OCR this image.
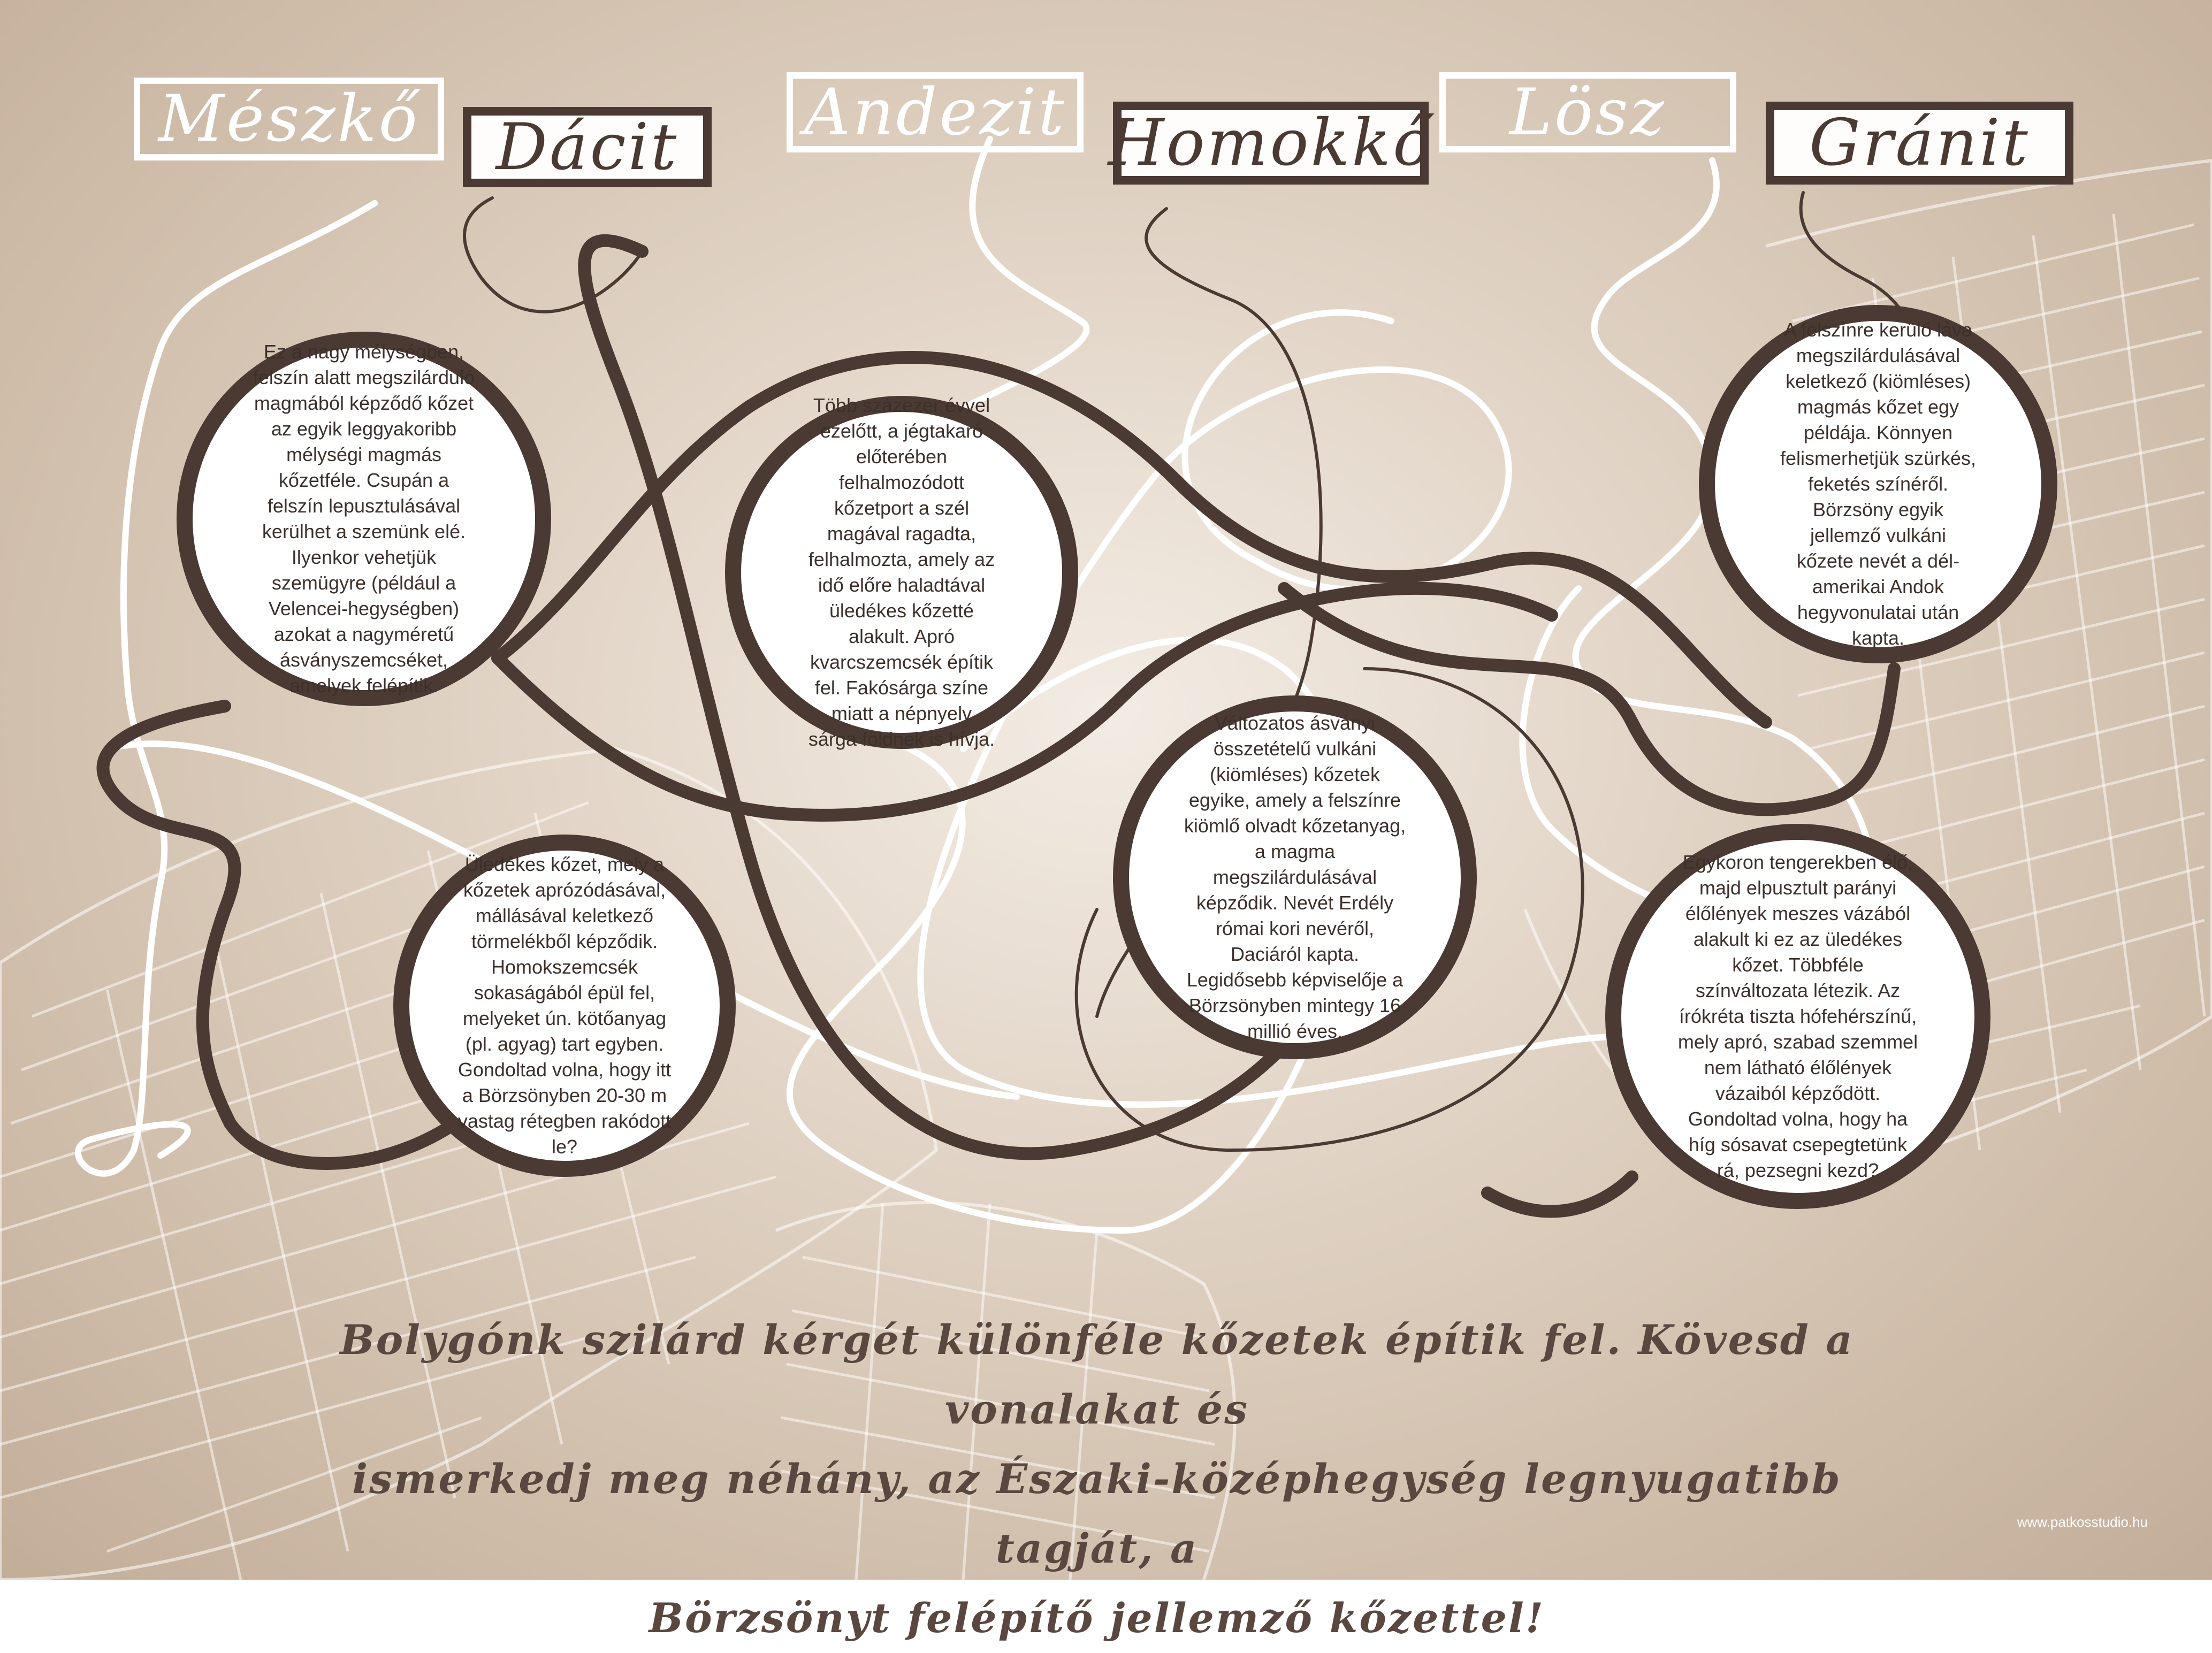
Mészkő Dácit Andezit Homokkő Lösz Gránit

Ez a nagy mélységben, felszín alatt megszilárduló magmából képződő kőzet az egyik leggyakoribb mélységi magmás kőzetféle. Csupán a felszín lepusztulásával kerülhet a szemünk elé. Ilyenkor vehetjük szemügyre (például a Velencei-hegységben) azokat a nagyméretű ásványszemcséket, amelyek felépítik.

Több százezer évvel ezelőtt, a jégtakaró előterében felhalmozódott kőzetport a szél magával ragadta, felhalmozta, amely az idő előre haladtával üledékes kőzetté alakult. Apró kvarcszemcsék építik fel. Fakósárga színe miatt a népnyelv sárga földnek is hívja.

A felszínre kerülő láva megszilárdulásával keletkező (kiömléses) magmás kőzet egy példája. Könnyen felismerhetjük szürkés, feketés színéről. Börzsöny egyik jellemző vulkáni kőzete nevét a dél-amerikai Andok hegyvonulatai után kapta.

Üledékes kőzet, mely a kőzetek aprózódásával, mállásával keletkező törmelékből képződik. Homokszemcsék sokaságából épül fel, melyeket ún. kötőanyag (pl. agyag) tart egyben. Gondoltad volna, hogy itt a Börzsönyben 20-30 m vastag rétegben rakódott le?

Változatos ásványi összetételű vulkáni (kiömléses) kőzetek egyike, amely a felszínre kiömlő olvadt kőzetanyag, a magma megszilárdulásával képződik. Nevét Erdély római kori nevéről, Daciáról kapta. Legidősebb képviselője a Börzsönyben mintegy 16 millió éves.

Egykoron tengerekben élő, majd elpusztult parányi élőlények meszes vázából alakult ki ez az üledékes kőzet. Többféle színváltozata létezik. Az írókréta tiszta hófehérszínű, mely apró, szabad szemmel nem látható élőlények vázaiból képződött. Gondoltad volna, hogy ha híg sósavat csepegtetünk rá, pezsegni kezd?

Bolygónk szilárd kérgét különféle kőzetek építik fel. Kövesd a vonalakat és
ismerkedj meg néhány, az Északi-középhegység legnyugatibb tagját, a
Börzsönyt felépítő jellemző kőzettel!
www.patkosstudio.hu
